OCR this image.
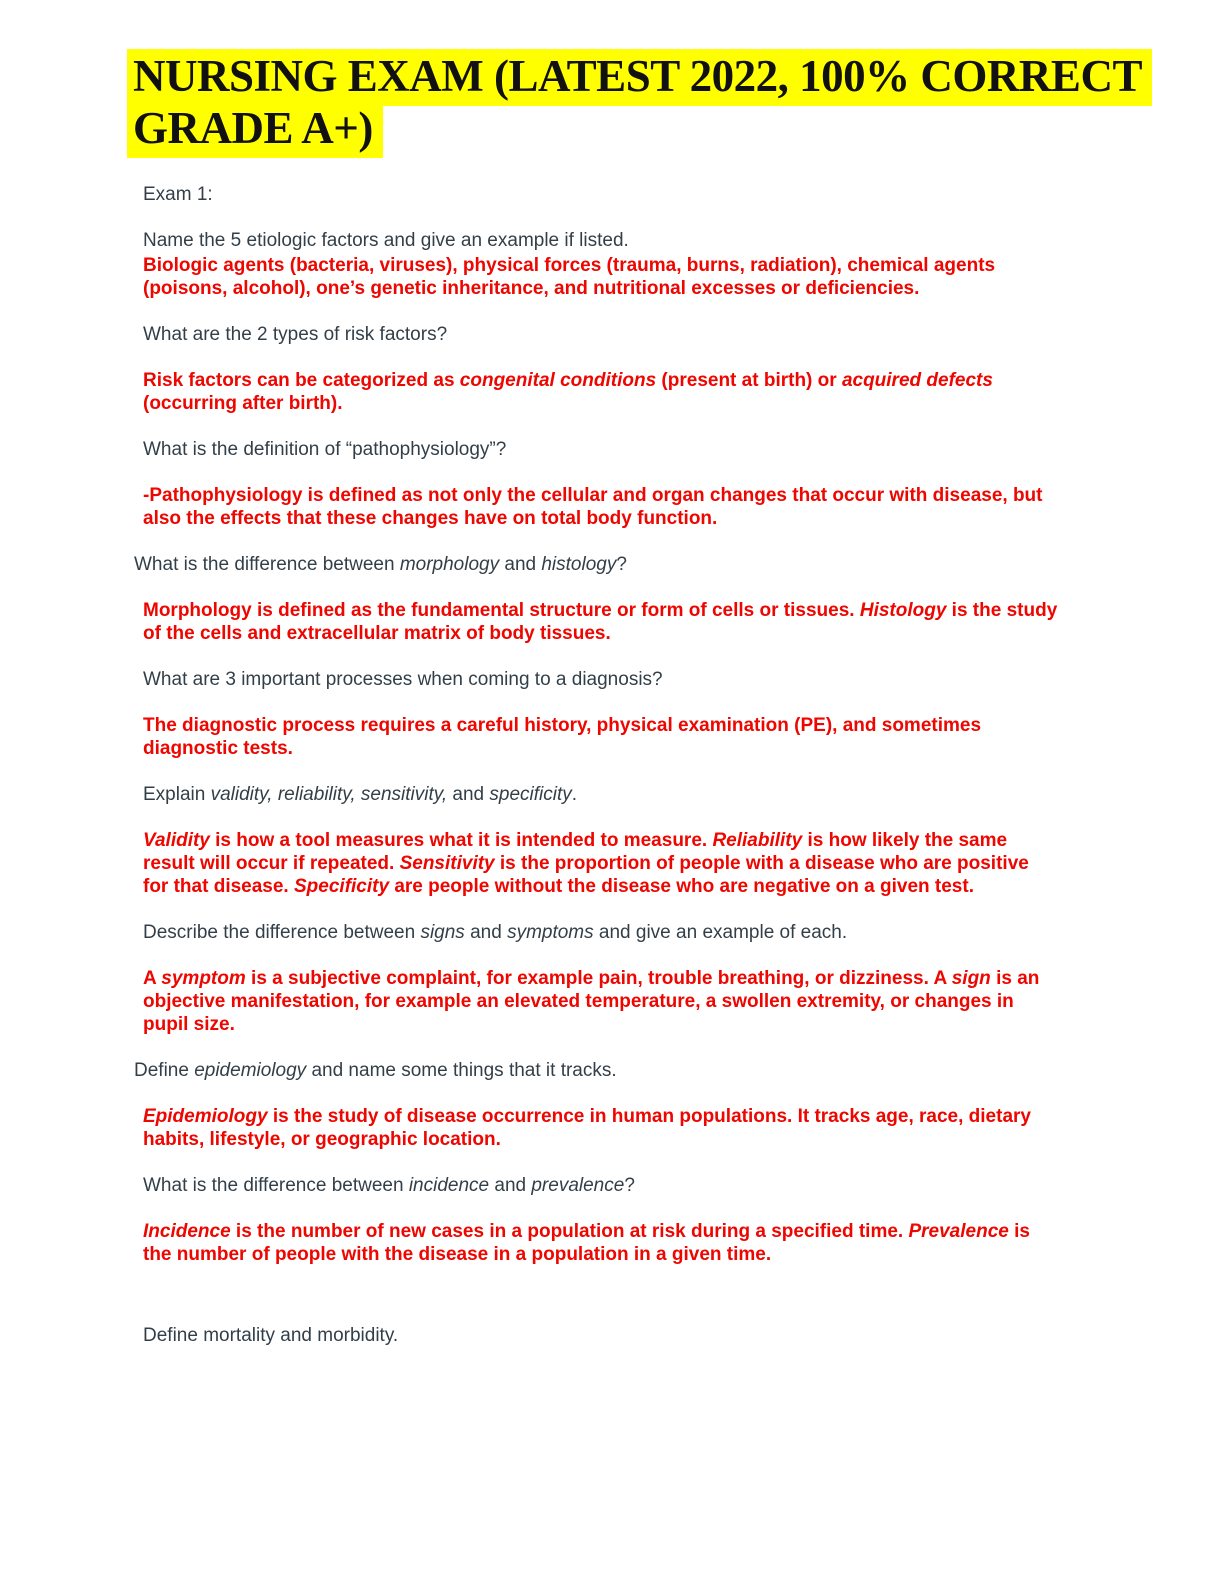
NURSING EXAM (LATEST 2022, 100% CORRECT
GRADE A+)

Exam 1:

Name the 5 etiologic factors and give an example if listed.

Biologic agents (bacteria, viruses), physical forces (trauma, burns, radiation), chemical agents (poisons, alcohol), one’s genetic inheritance, and nutritional excesses or deficiencies.

What are the 2 types of risk factors?

Risk factors can be categorized as congenital conditions (present at birth) or acquired defects (occurring after birth).

What is the definition of “pathophysiology”?

-Pathophysiology is defined as not only the cellular and organ changes that occur with disease, but also the effects that these changes have on total body function.

What is the difference between morphology and histology?

Morphology is defined as the fundamental structure or form of cells or tissues. Histology is the study of the cells and extracellular matrix of body tissues.

What are 3 important processes when coming to a diagnosis?

The diagnostic process requires a careful history, physical examination (PE), and sometimes diagnostic tests.

Explain validity, reliability, sensitivity, and specificity.

Validity is how a tool measures what it is intended to measure. Reliability is how likely the same result will occur if repeated. Sensitivity is the proportion of people with a disease who are positive for that disease. Specificity are people without the disease who are negative on a given test.

Describe the difference between signs and symptoms and give an example of each.

A symptom is a subjective complaint, for example pain, trouble breathing, or dizziness. A sign is an objective manifestation, for example an elevated temperature, a swollen extremity, or changes in pupil size.

Define epidemiology and name some things that it tracks.

Epidemiology is the study of disease occurrence in human populations. It tracks age, race, dietary habits, lifestyle, or geographic location.

What is the difference between incidence and prevalence?

Incidence is the number of new cases in a population at risk during a specified time. Prevalence is the number of people with the disease in a population in a given time.

Define mortality and morbidity.
